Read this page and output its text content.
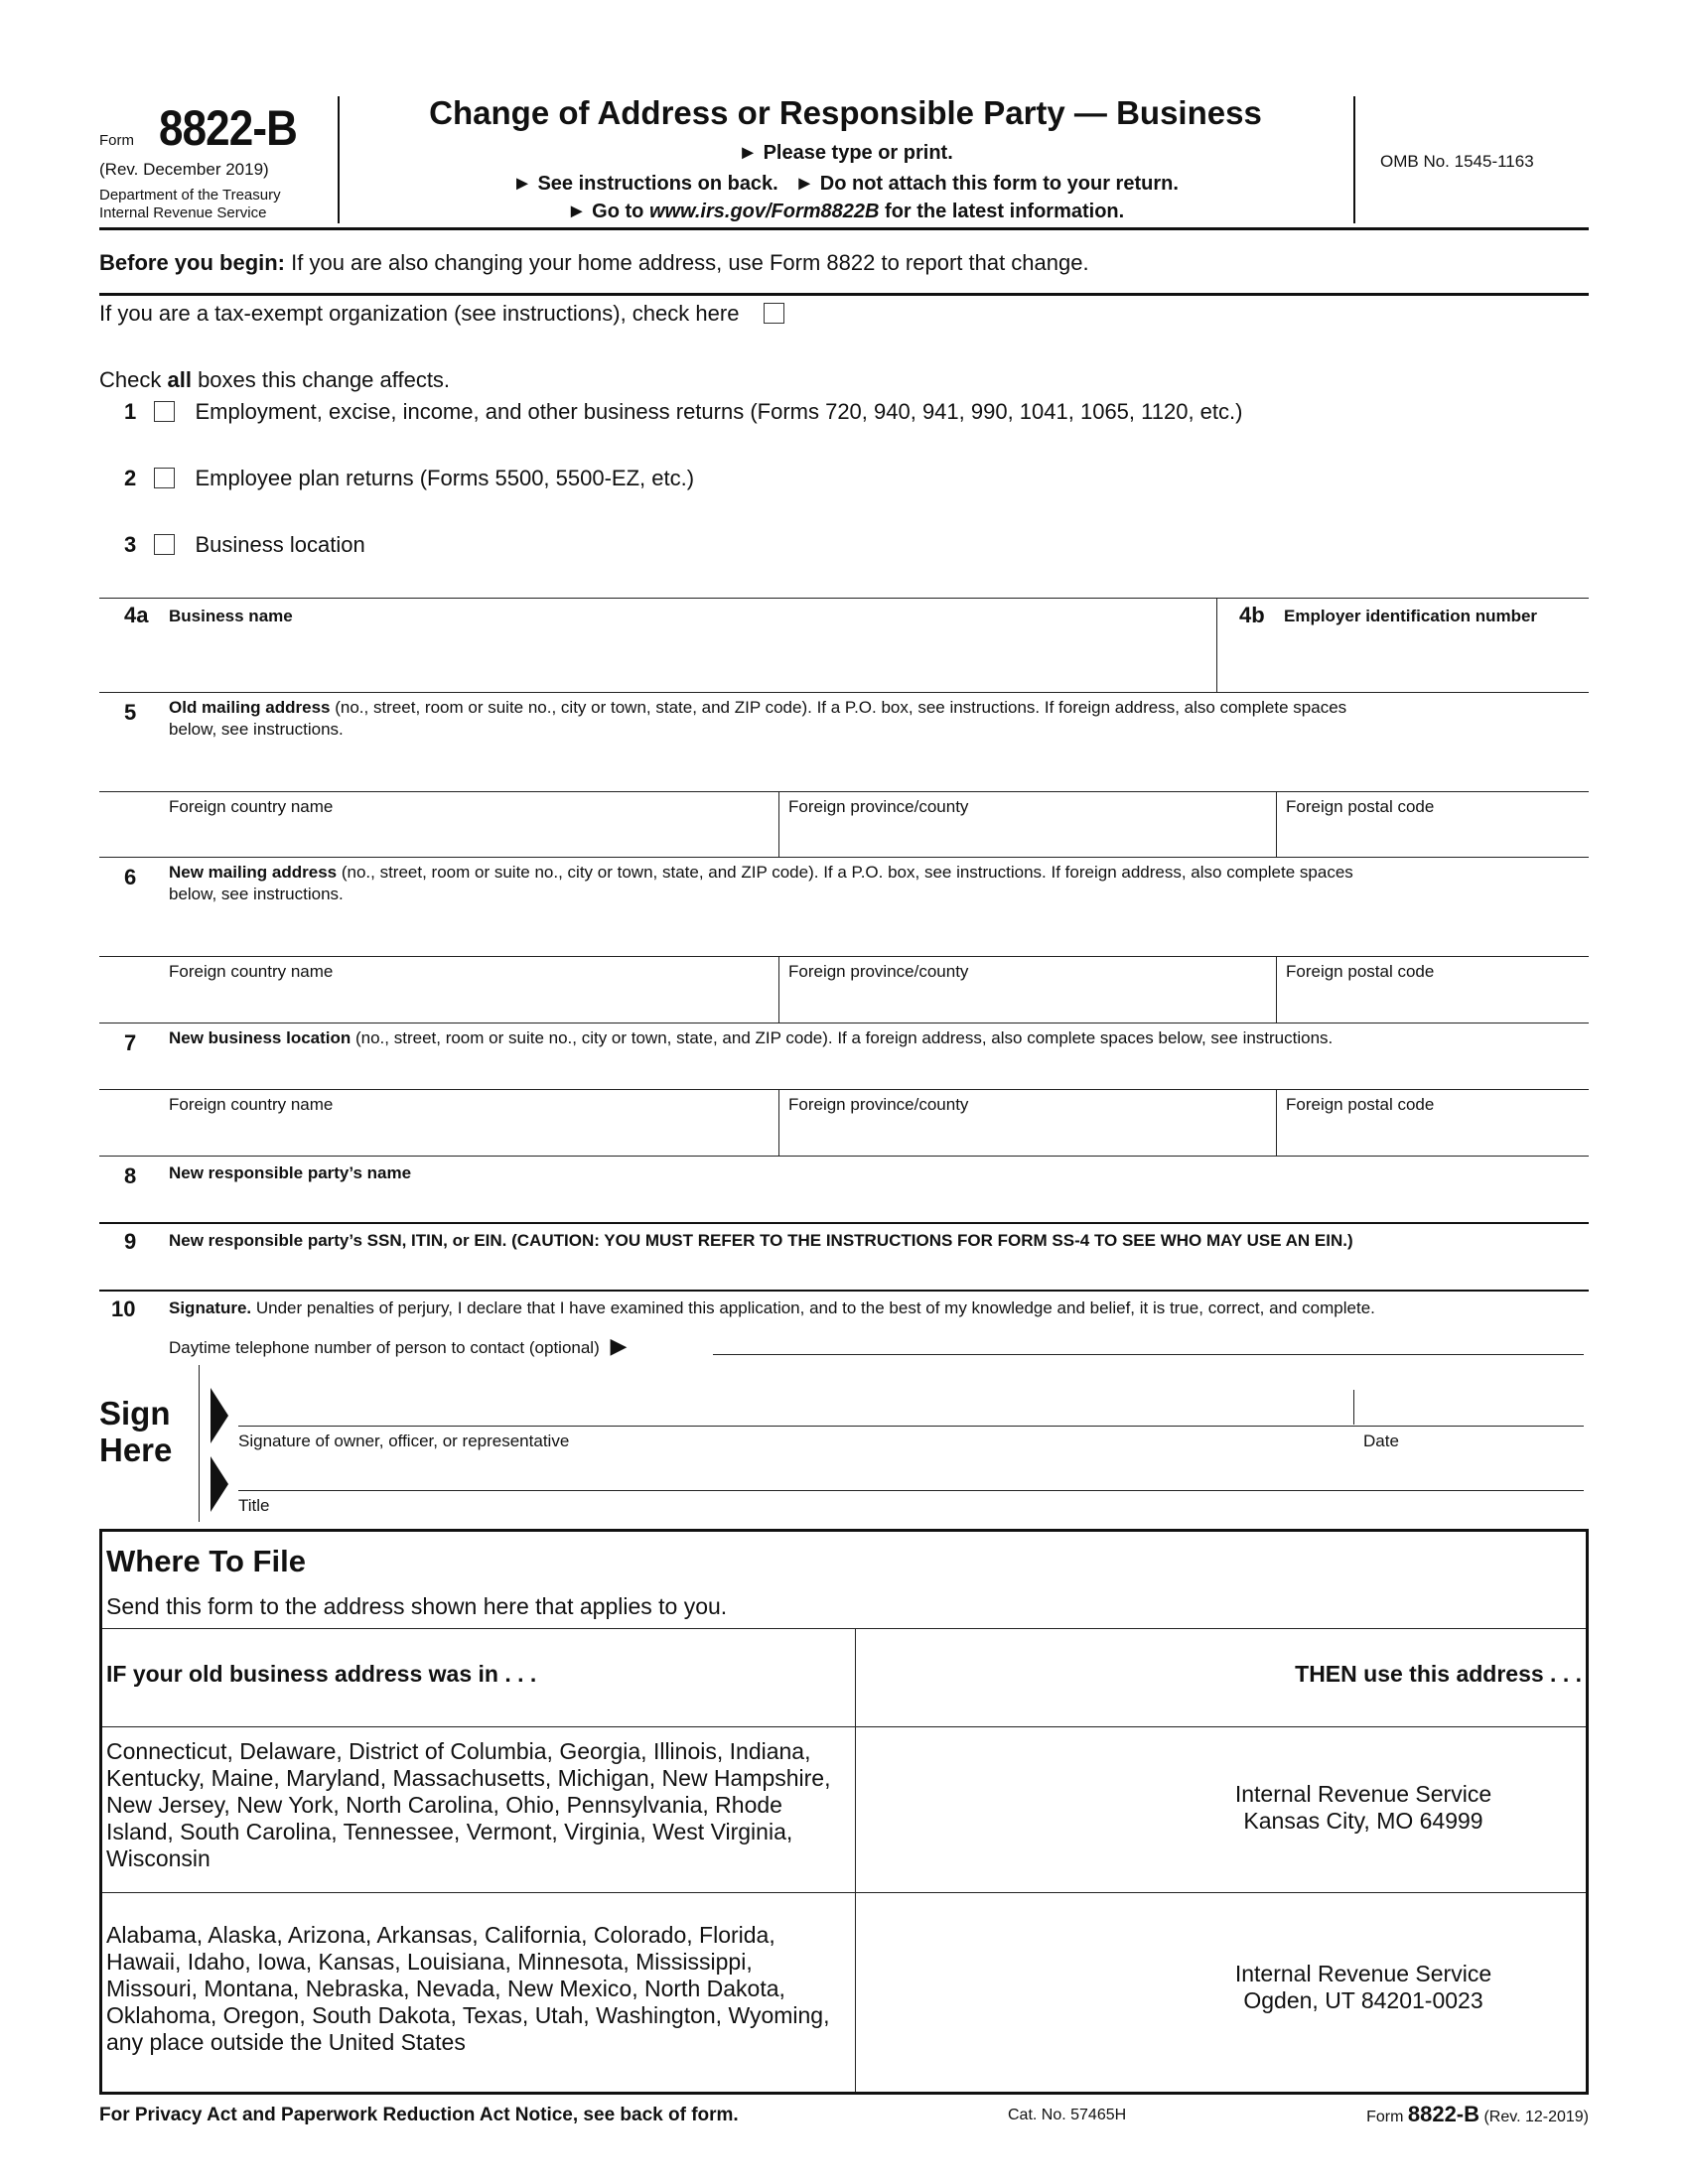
Form 8822-B
(Rev. December 2019)
Department of the Treasury
Internal Revenue Service
Change of Address or Responsible Party — Business
► Please type or print.
► See instructions on back. ► Do not attach this form to your return.
► Go to www.irs.gov/Form8822B for the latest information.
OMB No. 1545-1163
Before you begin: If you are also changing your home address, use Form 8822 to report that change.
If you are a tax-exempt organization (see instructions), check here
Check all boxes this change affects.
1	Employment, excise, income, and other business returns (Forms 720, 940, 941, 990, 1041, 1065, 1120, etc.)
2	Employee plan returns (Forms 5500, 5500-EZ, etc.)
3	Business location
4a Business name	4b Employer identification number
5 Old mailing address (no., street, room or suite no., city or town, state, and ZIP code). If a P.O. box, see instructions. If foreign address, also complete spaces
below, see instructions.
Foreign country name	Foreign province/county	Foreign postal code
6 New mailing address (no., street, room or suite no., city or town, state, and ZIP code). If a P.O. box, see instructions. If foreign address, also complete spaces
below, see instructions.
Foreign country name	Foreign province/county	Foreign postal code
7 New business location (no., street, room or suite no., city or town, state, and ZIP code). If a foreign address, also complete spaces below, see instructions.
Foreign country name	Foreign province/county	Foreign postal code
8 New responsible party’s name
9 New responsible party’s SSN, ITIN, or EIN. (CAUTION: YOU MUST REFER TO THE INSTRUCTIONS FOR FORM SS-4 TO SEE WHO MAY USE AN EIN.)
10 Signature. Under penalties of perjury, I declare that I have examined this application, and to the best of my knowledge and belief, it is true, correct, and complete.
Daytime telephone number of person to contact (optional) ▶
Sign
Here	Signature of owner, officer, or representative	Date
Title
Where To File
Send this form to the address shown here that applies to you.
IF your old business address was in . . .	THEN use this address . . .
Connecticut, Delaware, District of Columbia, Georgia, Illinois, Indiana, Kentucky, Maine, Maryland, Massachusetts, Michigan, New Hampshire, New Jersey, New York, North Carolina, Ohio, Pennsylvania, Rhode Island, South Carolina, Tennessee, Vermont, Virginia, West Virginia, Wisconsin
Internal Revenue Service
Kansas City, MO 64999
Alabama, Alaska, Arizona, Arkansas, California, Colorado, Florida, Hawaii, Idaho, Iowa, Kansas, Louisiana, Minnesota, Mississippi, Missouri, Montana, Nebraska, Nevada, New Mexico, North Dakota, Oklahoma, Oregon, South Dakota, Texas, Utah, Washington, Wyoming, any place outside the United States
Internal Revenue Service
Ogden, UT 84201-0023
For Privacy Act and Paperwork Reduction Act Notice, see back of form.	Cat. No. 57465H	Form 8822-B (Rev. 12-2019)
